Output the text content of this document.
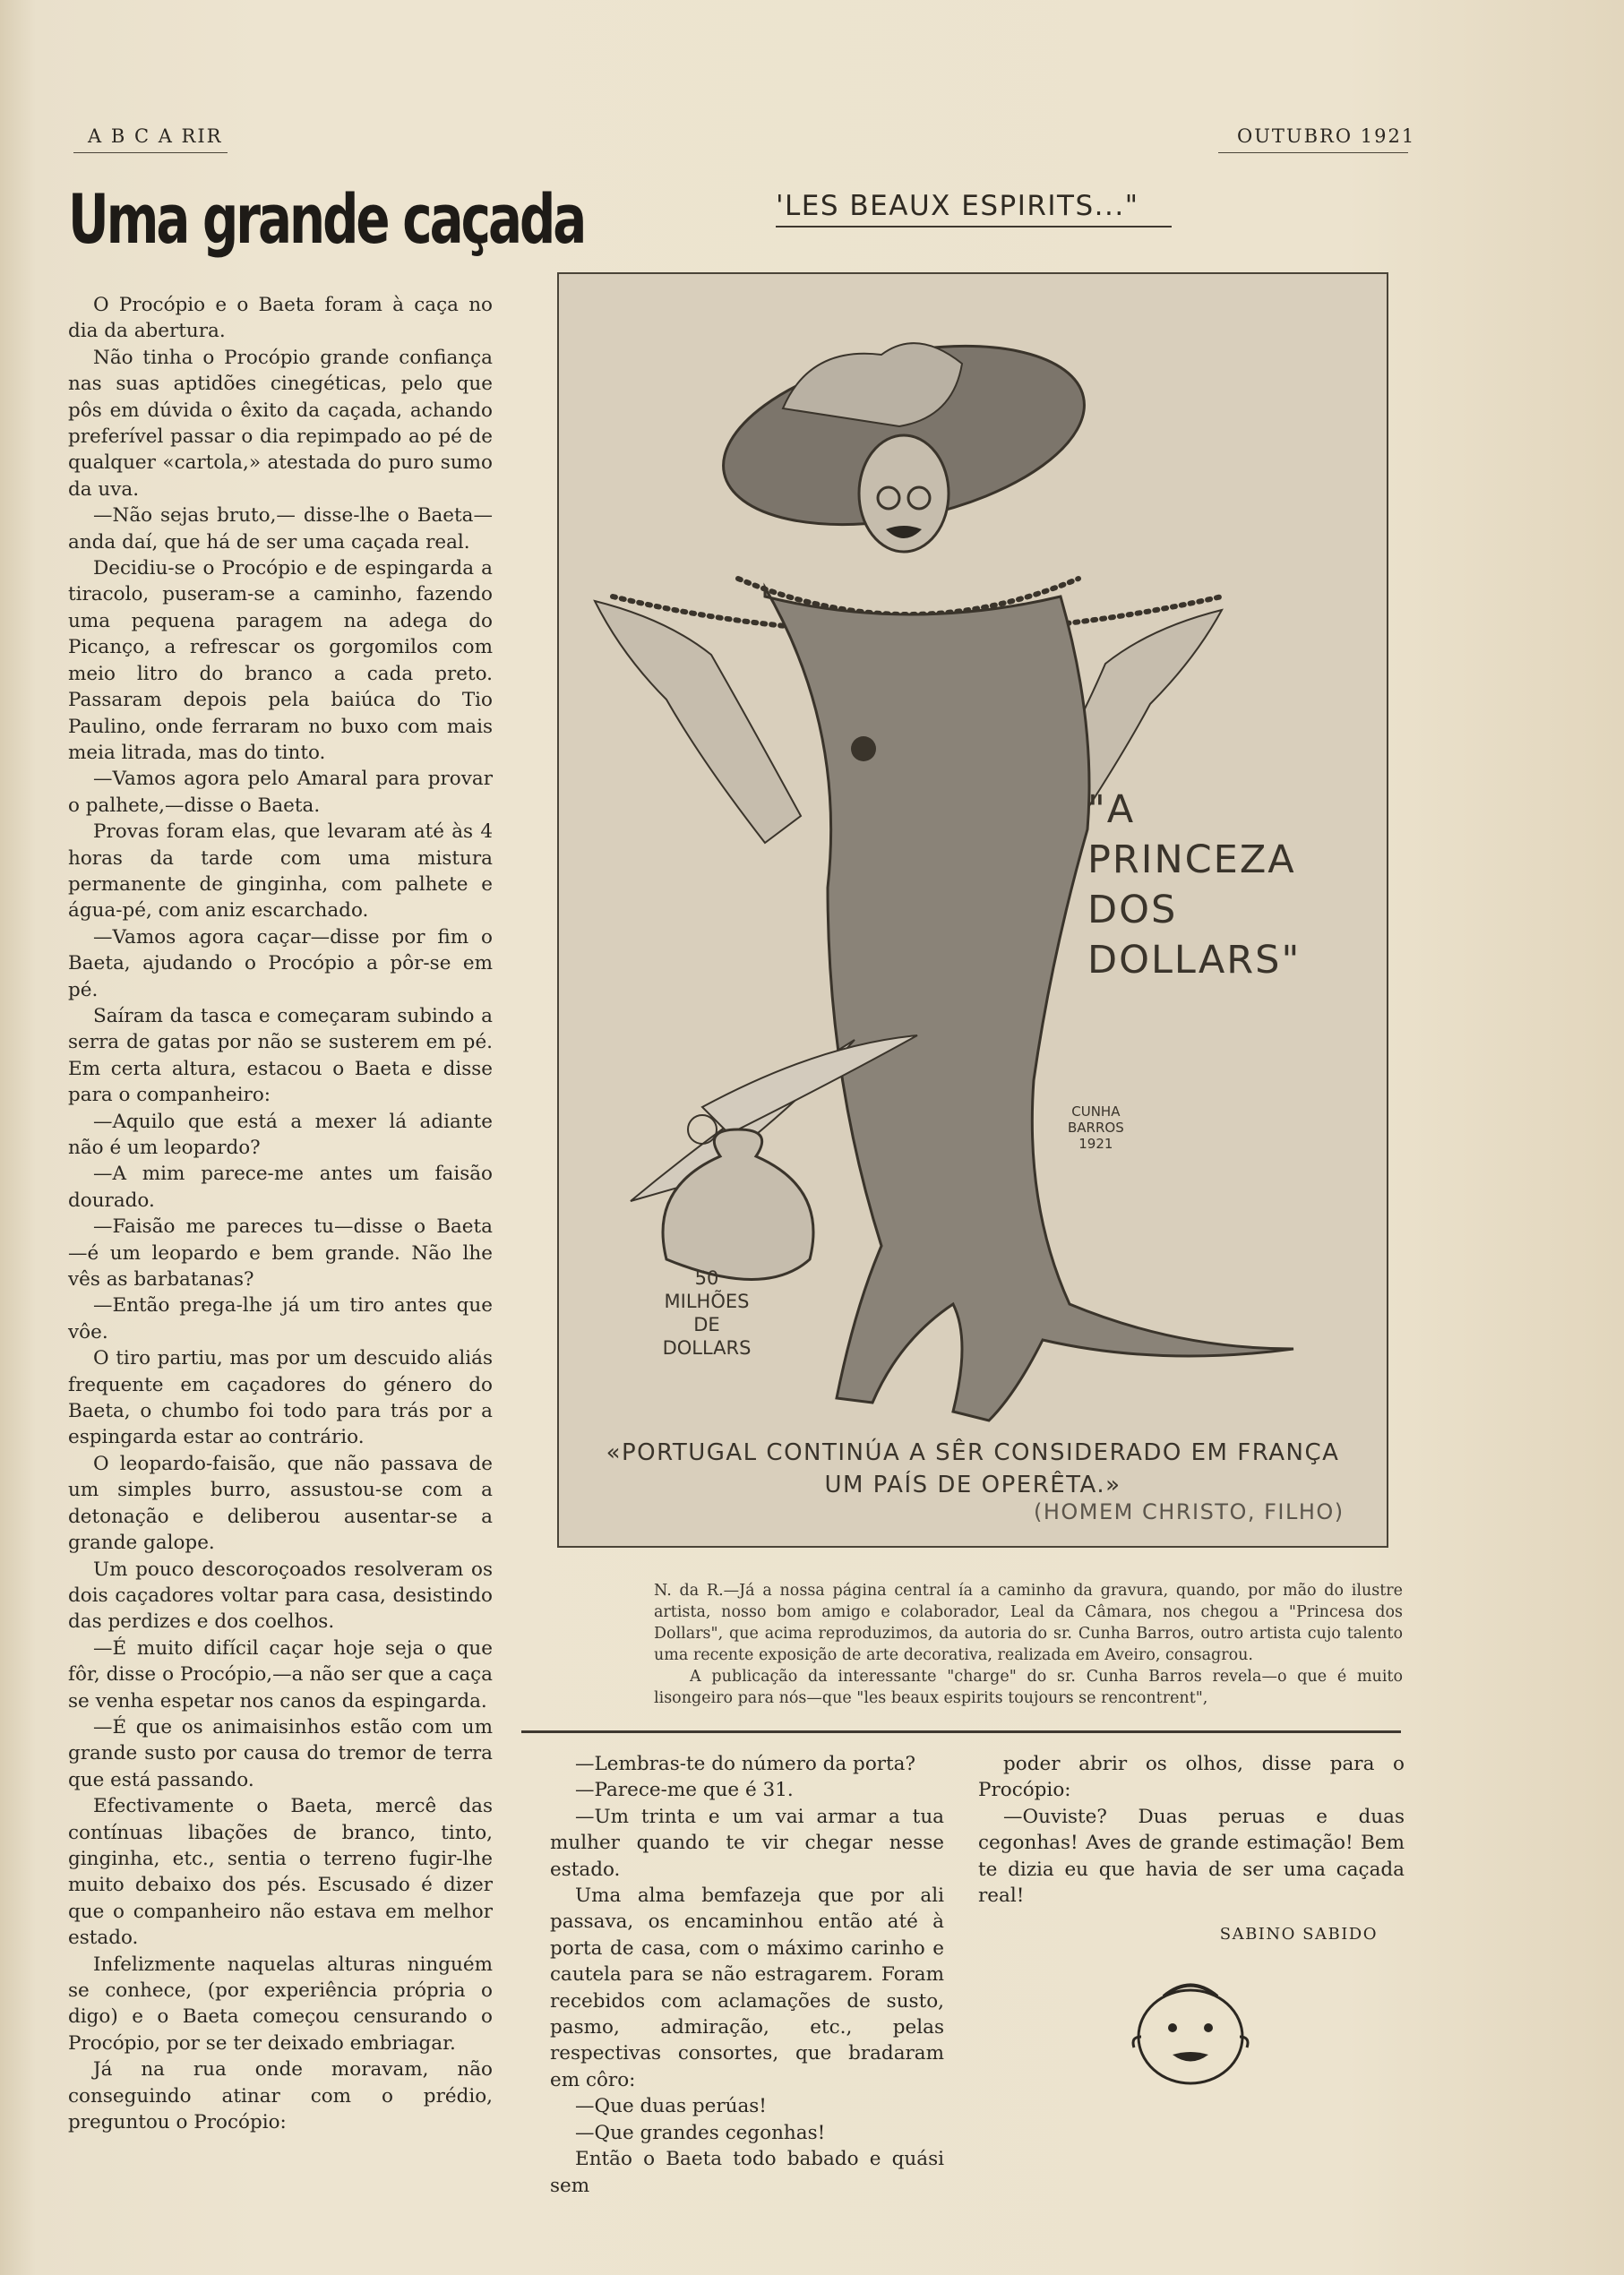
A B C A RIR	OUTUBRO 1921
Uma grande caçada

O Procópio e o Baeta foram à caça no dia da abertura.

Não tinha o Procópio grande confiança nas suas aptidões cinegéticas, pelo que pôs em dúvida o êxito da caçada, achando preferível passar o dia repimpado ao pé de qualquer «cartola,» atestada do puro sumo da uva.

—Não sejas bruto,— disse-lhe o Baeta— anda daí, que há de ser uma caçada real.

Decidiu-se o Procópio e de espingarda a tiracolo, puseram-se a caminho, fazendo uma pequena paragem na adega do Picanço, a refrescar os gorgomilos com meio litro do branco a cada preto. Passaram depois pela baiúca do Tio Paulino, onde ferraram no buxo com mais meia litrada, mas do tinto.

—Vamos agora pelo Amaral para provar o palhete,—disse o Baeta.

Provas foram elas, que levaram até às 4 horas da tarde com uma mistura permanente de ginginha, com palhete e água-pé, com aniz escarchado.

—Vamos agora caçar—disse por fim o Baeta, ajudando o Procópio a pôr-se em pé.

Saíram da tasca e começaram subindo a serra de gatas por não se susterem em pé. Em certa altura, estacou o Baeta e disse para o companheiro:

—Aquilo que está a mexer lá adiante não é um leopardo?

—A mim parece-me antes um faisão dourado.

—Faisão me pareces tu—disse o Baeta —é um leopardo e bem grande. Não lhe vês as barbatanas?

—Então prega-lhe já um tiro antes que vôe.

O tiro partiu, mas por um descuido aliás frequente em caçadores do género do Baeta, o chumbo foi todo para trás por a espingarda estar ao contrário.

O leopardo-faisão, que não passava de um simples burro, assustou-se com a detonação e deliberou ausentar-se a grande galope.

Um pouco descoroçoados resolveram os dois caçadores voltar para casa, desistindo das perdizes e dos coelhos.

—É muito difícil caçar hoje seja o que fôr, disse o Procópio,—a não ser que a caça se venha espetar nos canos da espingarda.

—É que os animaisinhos estão com um grande susto por causa do tremor de terra que está passando.

Efectivamente o Baeta, mercê das contínuas libações de branco, tinto, ginginha, etc., sentia o terreno fugir-lhe muito debaixo dos pés. Escusado é dizer que o companheiro não estava em melhor estado.

Infelizmente naquelas alturas ninguém se conhece, (por experiência própria o digo) e o Baeta começou censurando o Procópio, por se ter deixado embriagar.

Já na rua onde moravam, não conseguindo atinar com o prédio, preguntou o Procópio:

'LES BEAUX ESPIRITS..."
"A
PRINCEZA DOS
DOLLARS"
CUNHA
BARROS
1921
50
MILHÕES
DE
DOLLARS
«PORTUGAL CONTINÚA A SÊR CONSIDERADO EM FRANÇA
UM PAÍS DE OPERÊTA.»
(HOMEM CHRISTO, FILHO)

N. da R.—Já a nossa página central ía a caminho da gravura, quando, por mão do ilustre artista, nosso bom amigo e colaborador, Leal da Câmara, nos chegou a "Princesa dos Dollars", que acima reproduzimos, da autoria do sr. Cunha Barros, outro artista cujo talento uma recente exposição de arte decorativa, realizada em Aveiro, consagrou.

A publicação da interessante "charge" do sr. Cunha Barros revela—o que é muito lisongeiro para nós—que "les beaux espirits toujours se rencontrent",

—Lembras-te do número da porta?

—Parece-me que é 31.

—Um trinta e um vai armar a tua mulher quando te vir chegar nesse estado.

Uma alma bemfazeja que por ali passava, os encaminhou então até à porta de casa, com o máximo carinho e cautela para se não estragarem. Foram recebidos com aclamações de susto, pasmo, admiração, etc., pelas respectivas consortes, que bradaram em côro:

—Que duas perúas!

—Que grandes cegonhas!

Então o Baeta todo babado e quási sem

poder abrir os olhos, disse para o Procópio:

—Ouviste? Duas peruas e duas cegonhas! Aves de grande estimação! Bem te dizia eu que havia de ser uma caçada real!

SABINO SABIDO
